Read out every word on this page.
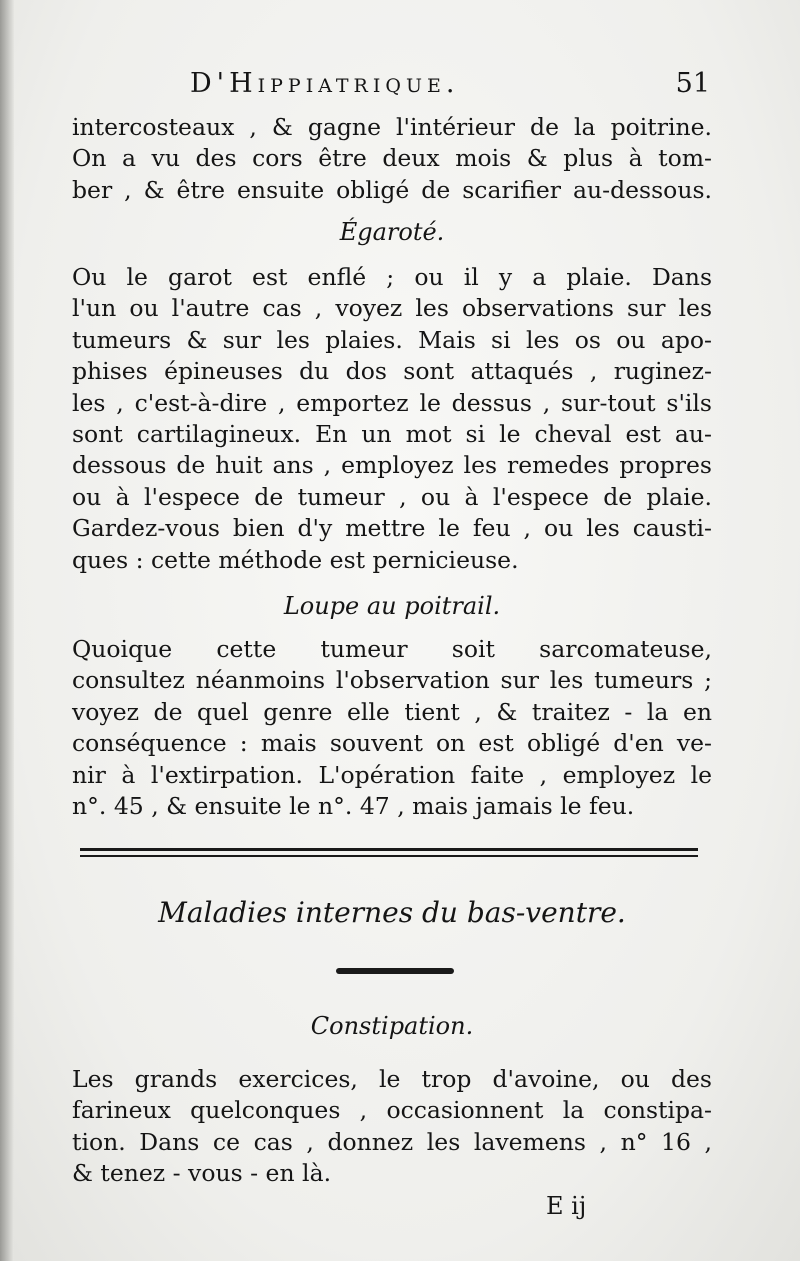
D'Hippiatrique.	51
intercosteaux , & gagne l'intérieur de la poitrine.
On a vu des cors être deux mois & plus à tom-
ber , & être ensuite obligé de scarifier au-dessous.
Égaroté.
Ou le garot est enflé ; ou il y a plaie. Dans
l'un ou l'autre cas , voyez les observations sur les
tumeurs & sur les plaies. Mais si les os ou apo-
phises épineuses du dos sont attaqués , ruginez-
les , c'est-à-dire , emportez le dessus , sur-tout s'ils
sont cartilagineux. En un mot si le cheval est au-
dessous de huit ans , employez les remedes propres
ou à l'espece de tumeur , ou à l'espece de plaie.
Gardez-vous bien d'y mettre le feu , ou les causti-
ques : cette méthode est pernicieuse.
Loupe au poitrail.
Quoique cette tumeur soit sarcomateuse,
consultez néanmoins l'observation sur les tumeurs ;
voyez de quel genre elle tient , & traitez - la en
conséquence : mais souvent on est obligé d'en ve-
nir à l'extirpation. L'opération faite , employez le
n°. 45 , & ensuite le n°. 47 , mais jamais le feu.
Maladies internes du bas-ventre.
Constipation.
Les grands exercices, le trop d'avoine, ou des
farineux quelconques , occasionnent la constipa-
tion. Dans ce cas , donnez les lavemens , n° 16 ,
& tenez - vous - en là.
E ij
